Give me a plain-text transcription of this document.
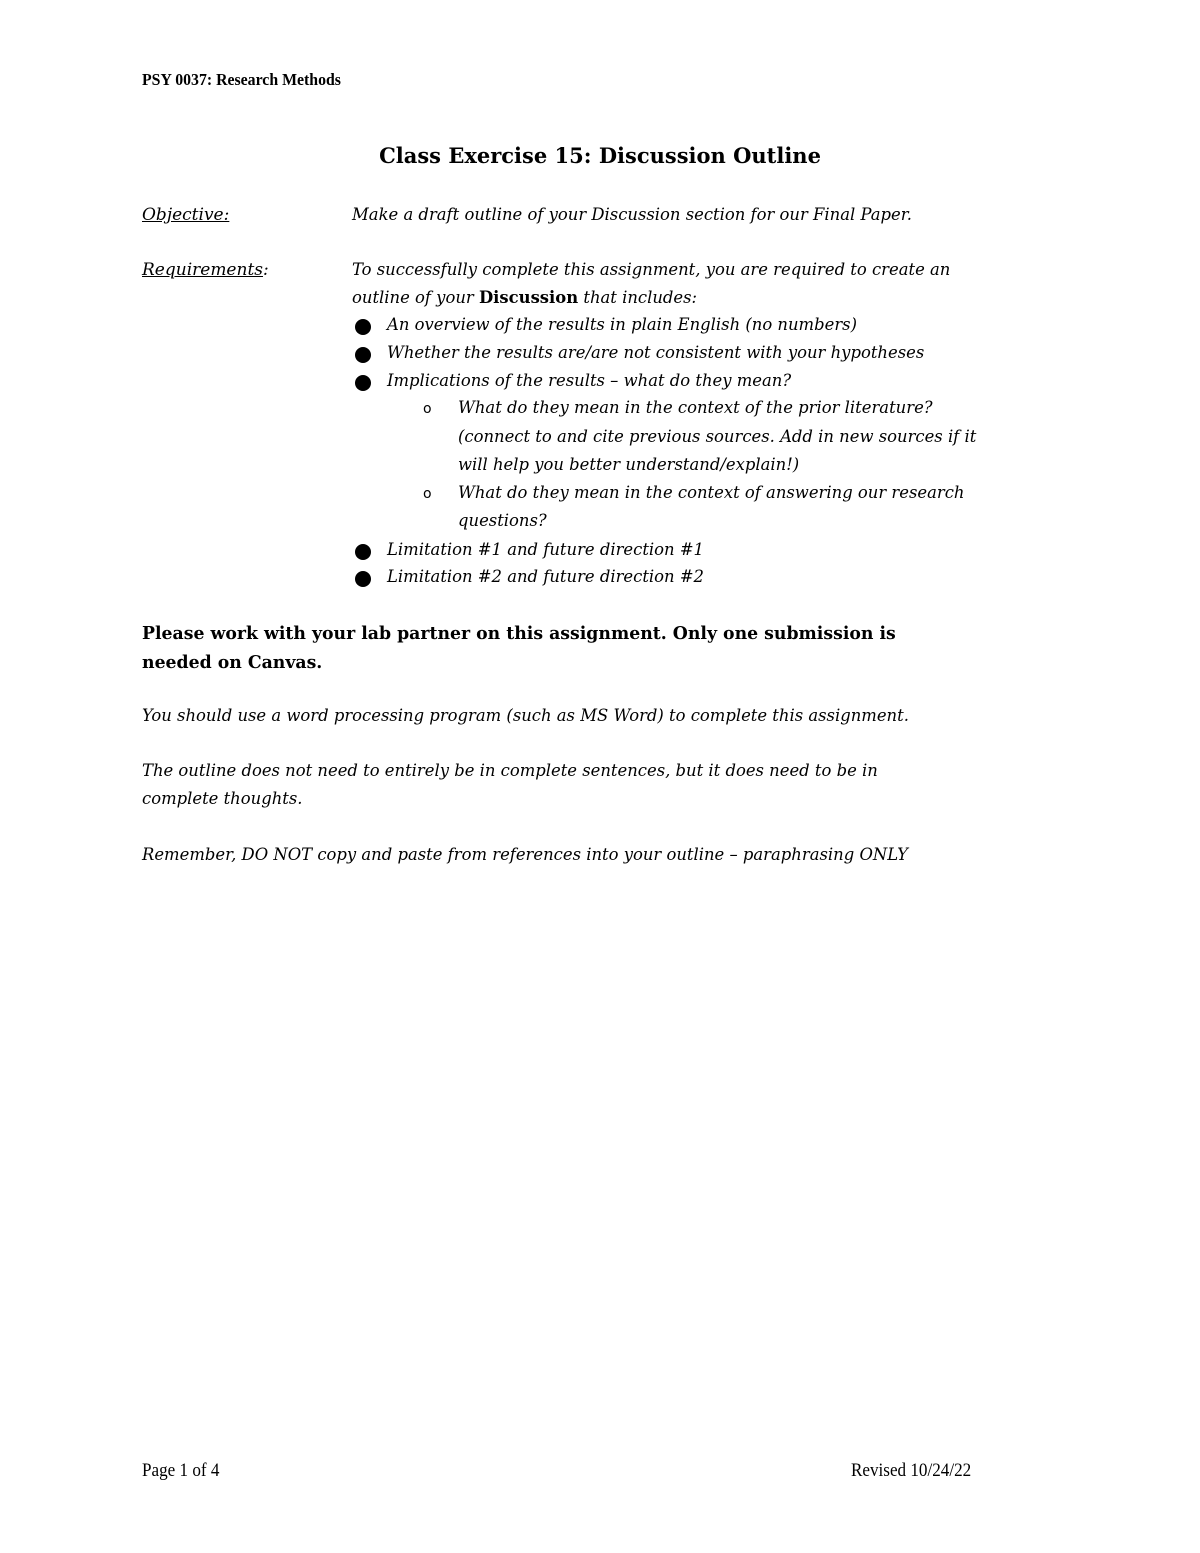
PSY 0037: Research Methods
Class Exercise 15: Discussion Outline
Objective:	Make a draft outline of your Discussion section for our Final Paper.
Requirements:	To successfully complete this assignment, you are required to create an
outline of your Discussion that includes:
An overview of the results in plain English (no numbers)
Whether the results are/are not consistent with your hypotheses
Implications of the results – what do they mean?
o What do they mean in the context of the prior literature?
(connect to and cite previous sources. Add in new sources if it
will help you better understand/explain!)
o What do they mean in the context of answering our research
questions?
Limitation #1 and future direction #1
Limitation #2 and future direction #2
Please work with your lab partner on this assignment. Only one submission is
needed on Canvas.
You should use a word processing program (such as MS Word) to complete this assignment.
The outline does not need to entirely be in complete sentences, but it does need to be in
complete thoughts.
Remember, DO NOT copy and paste from references into your outline – paraphrasing ONLY
Page 1 of 4	Revised 10/24/22
